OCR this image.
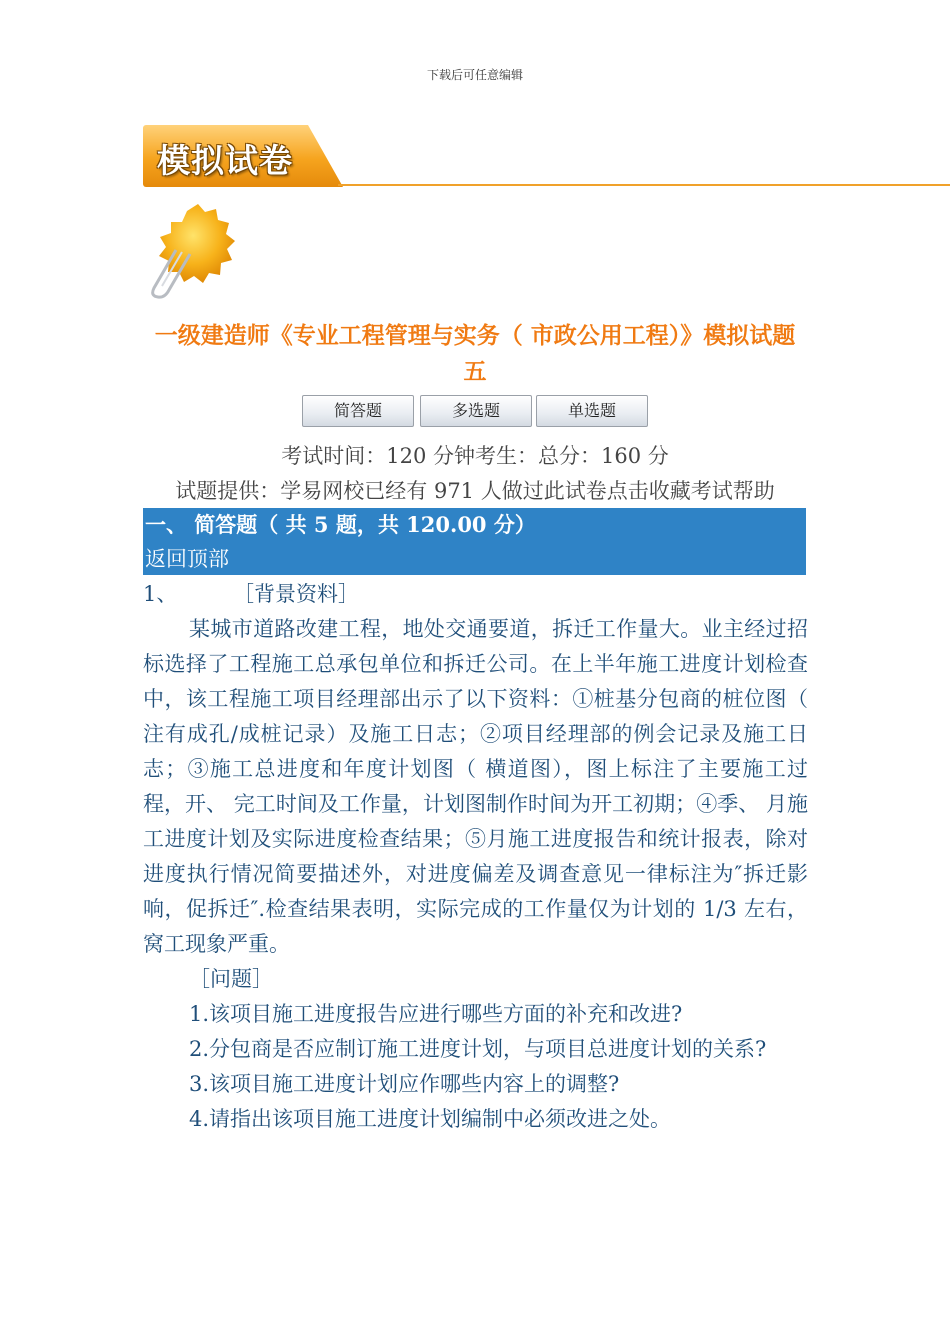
下载后可任意编辑
模拟试卷
一级建造师《专业工程管理与实务（ 市政公用工程）》模拟试题
五
简答题	多选题	单选题
考试时间：120 分钟考生：总分：160 分
试题提供：学易网校已经有 971 人做过此试卷点击收藏考试帮助
一、 简答题（ 共 5 题，共 120.00 分）
返回顶部

1、	［背景资料］

某城市道路改建工程，地处交通要道，拆迁工作量大。业主经过招标选择了工程施工总承包单位和拆迁公司。在上半年施工进度计划检查中，该工程施工项目经理部出示了以下资料：①桩基分包商的桩位图（ 注有成孔/成桩记录）及施工日志；②项目经理部的例会记录及施工日志；③施工总进度和年度计划图（ 横道图），图上标注了主要施工过程，开、 完工时间及工作量，计划图制作时间为开工初期；④季、 月施工进度计划及实际进度检查结果；⑤月施工进度报告和统计报表，除对进度执行情况简要描述外，对进度偏差及调查意见一律标注为″拆迁影响，促拆迁″.检查结果表明，实际完成的工作量仅为计划的 1/3 左右，窝工现象严重。

［问题］

1.该项目施工进度报告应进行哪些方面的补充和改进?

2.分包商是否应制订施工进度计划，与项目总进度计划的关系?

3.该项目施工进度计划应作哪些内容上的调整?

4.请指出该项目施工进度计划编制中必须改进之处。
